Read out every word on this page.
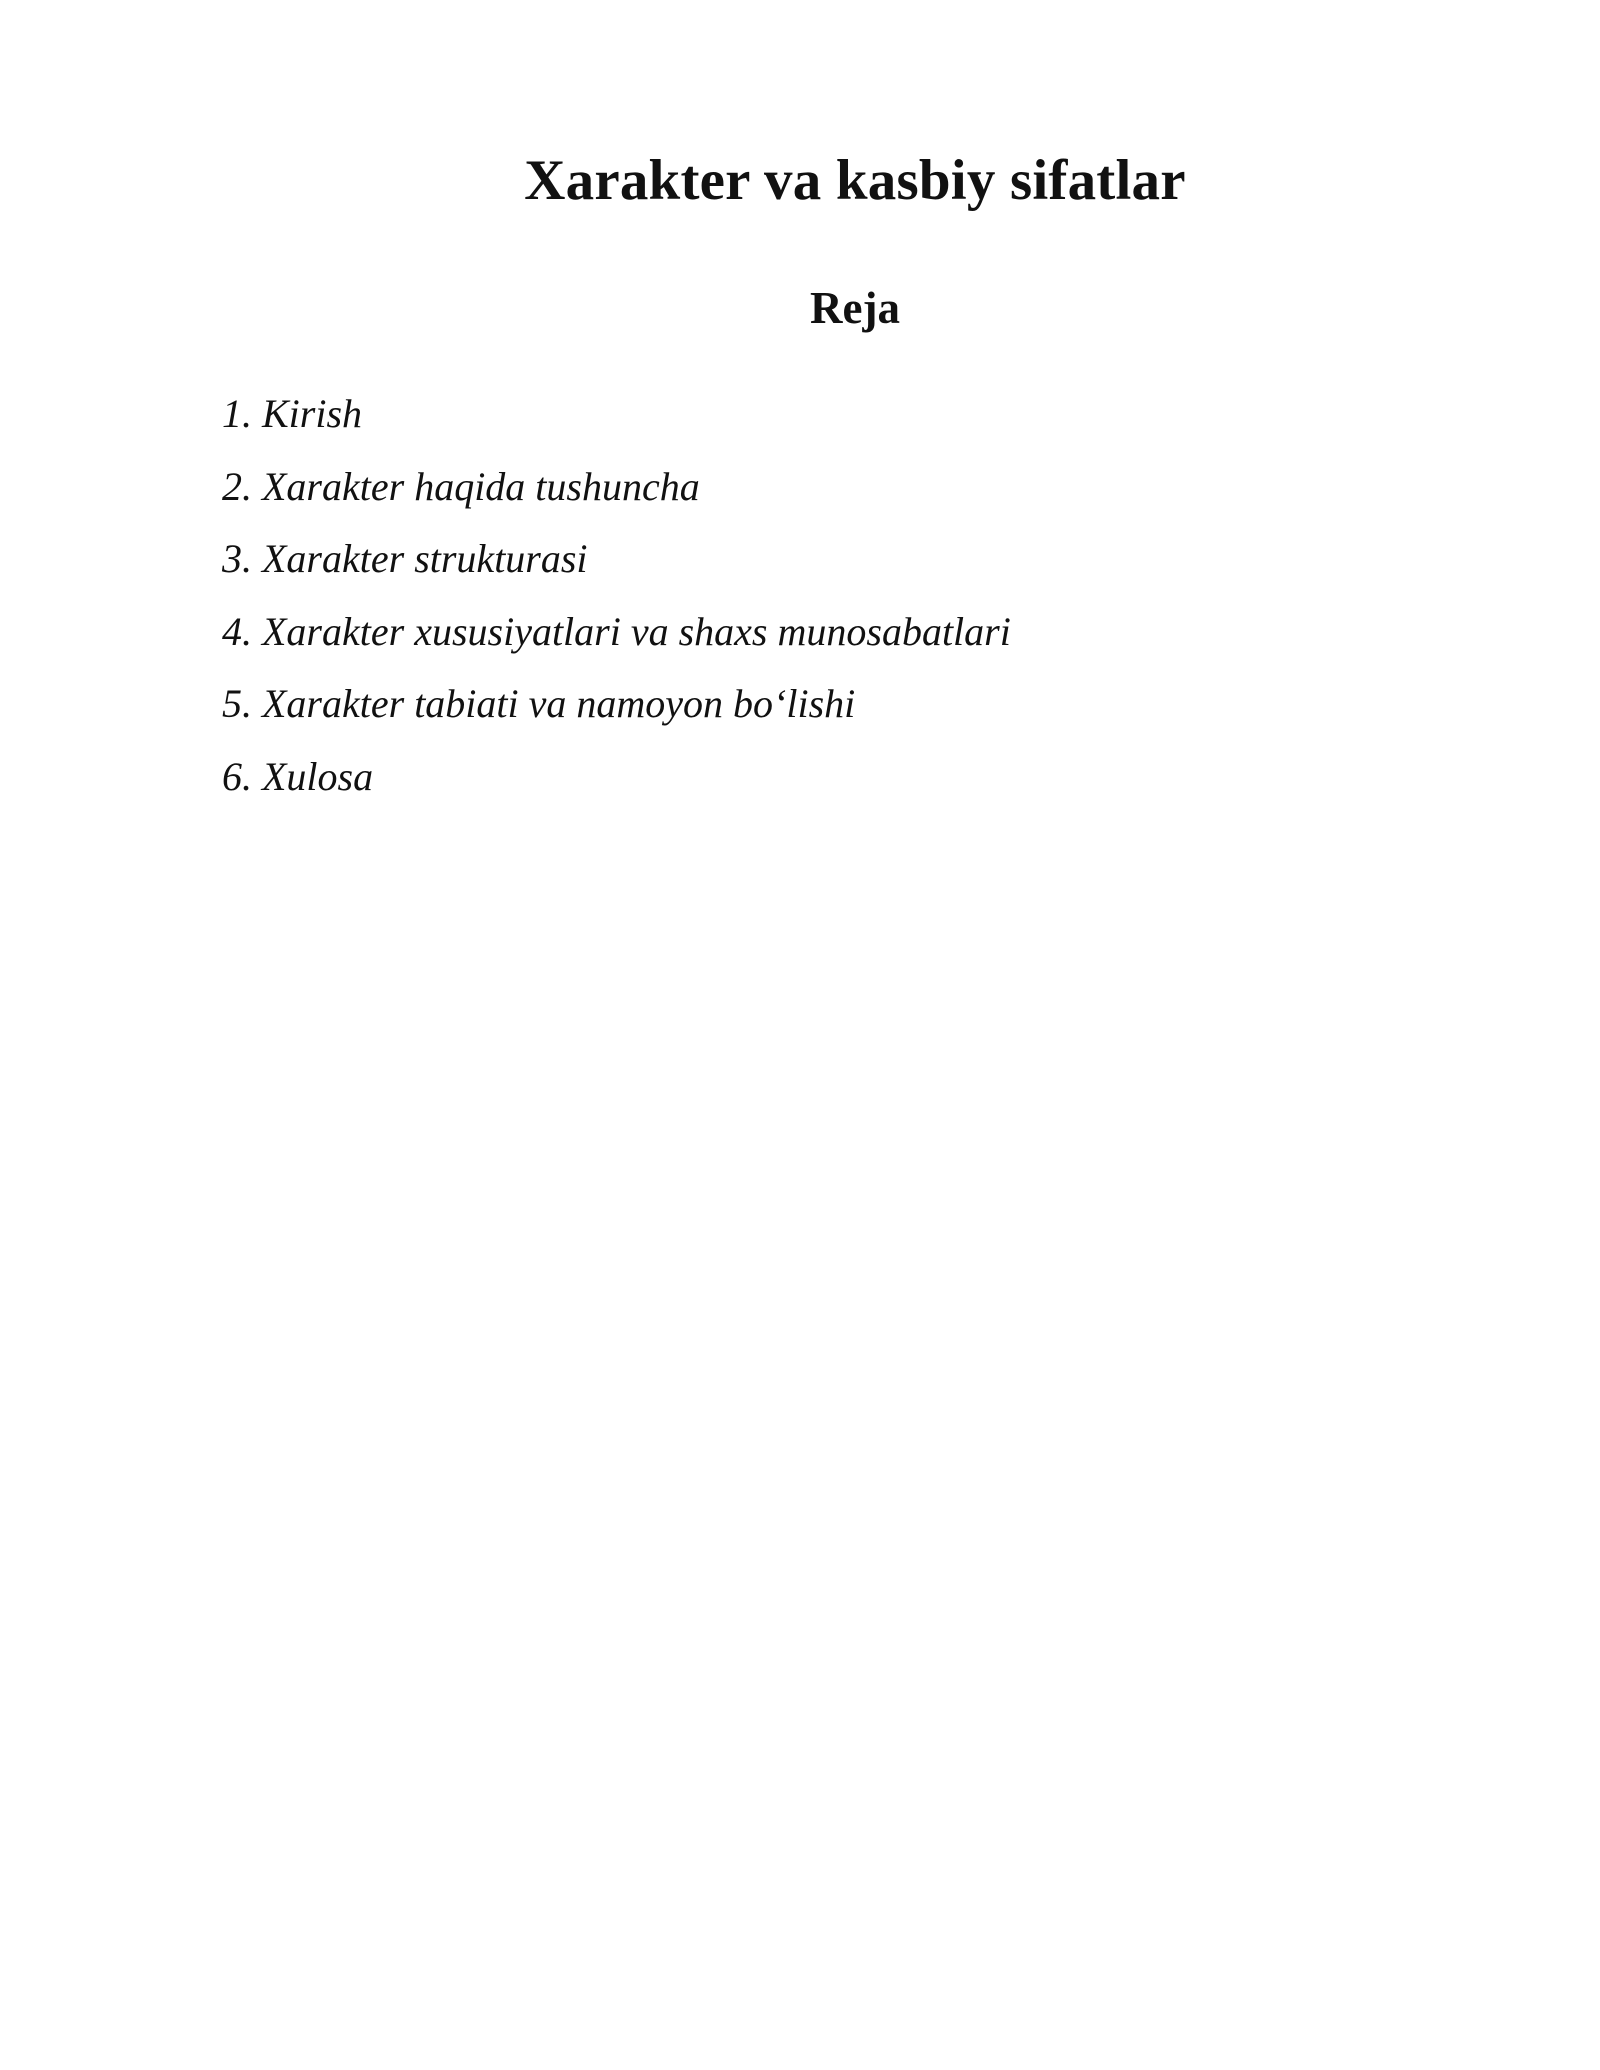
Xarakter va kasbiy sifatlar
Reja
1. Kirish
2. Xarakter haqida tushuncha
3. Xarakter strukturasi
4. Xarakter xususiyatlari va shaxs munosabatlari
5. Xarakter tabiati va namoyon bo‘lishi
6. Xulosa
